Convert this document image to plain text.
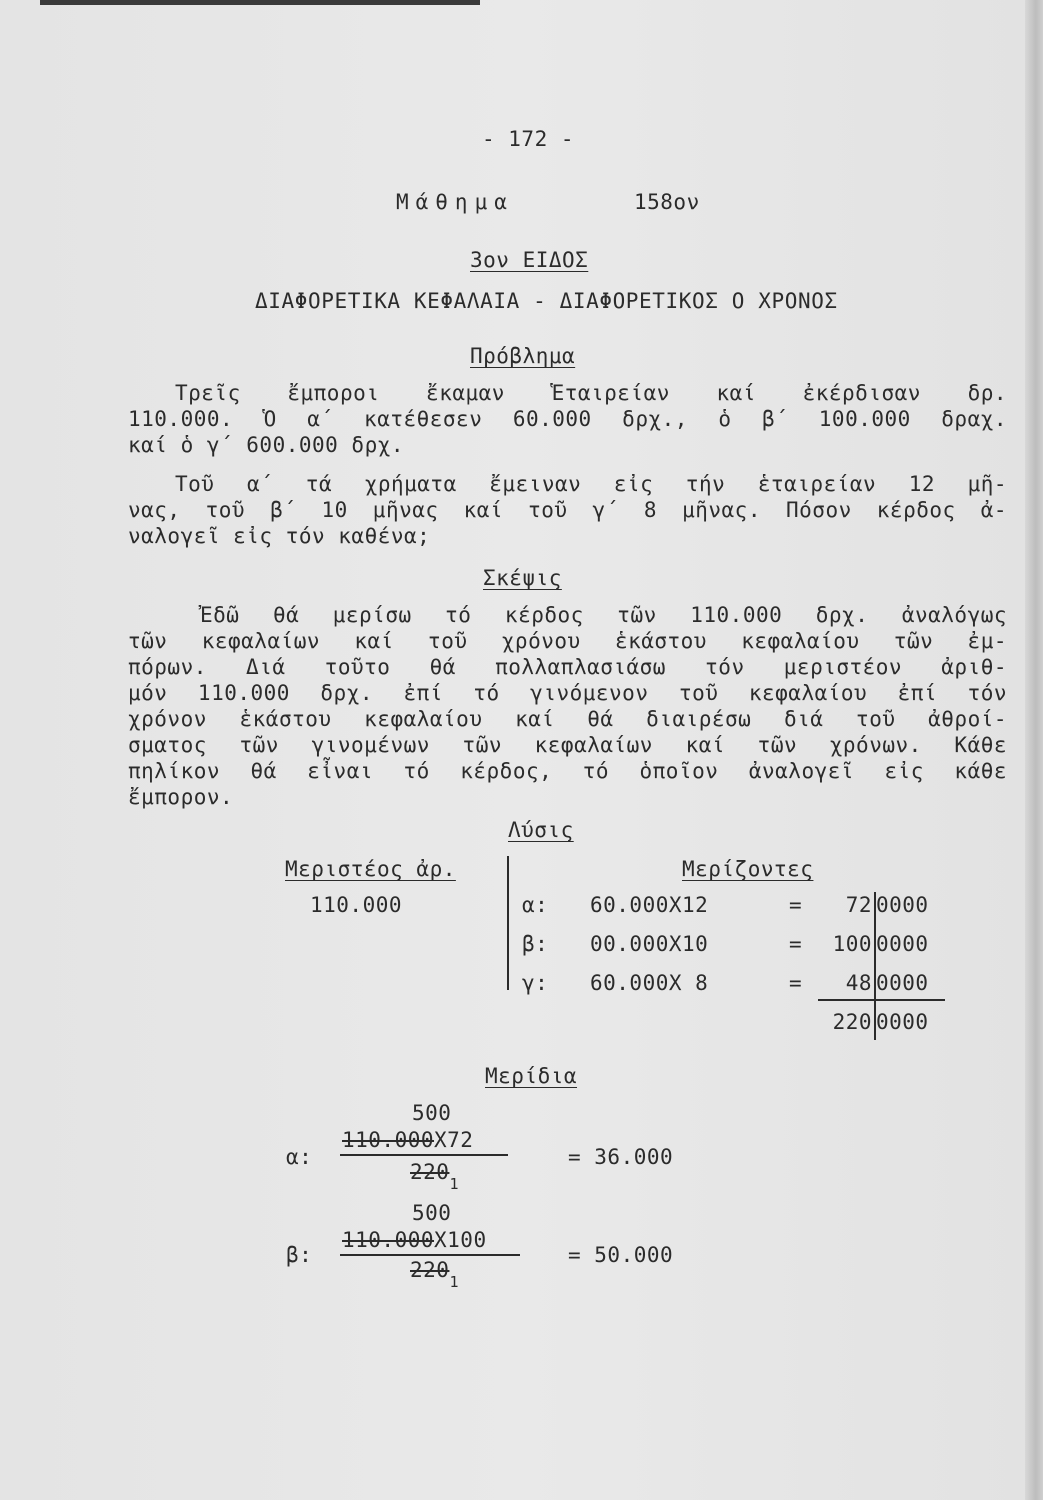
- 172 -
Μάθημα	158ον
3ον ΕΙΔΟΣ
ΔΙΑΦΟΡΕΤΙΚΑ ΚΕΦΑΛΑΙΑ - ΔΙΑΦΟΡΕΤΙΚΟΣ Ο ΧΡΟΝΟΣ
Πρόβλημα
Τρεῖς ἔμποροι ἔκαμαν Ἑταιρείαν καί ἐκέρδισαν δρ.
110.000. Ὁ α΄ κατέθεσεν 60.000 δρχ., ὁ β΄ 100.000 δραχ.
καί ὁ γ΄ 600.000 δρχ.
Τοῦ α΄ τά χρήματα ἔμειναν εἰς τήν ἑταιρείαν 12 μῆ-
νας, τοῦ β΄ 10 μῆνας καί τοῦ γ΄ 8 μῆνας. Πόσον κέρδος ἀ-
ναλογεῖ εἰς τόν καθένα;
Σκέψις
Ἐδῶ θά μερίσω τό κέρδος τῶν 110.000 δρχ. ἀναλόγως
τῶν κεφαλαίων καί τοῦ χρόνου ἑκάστου κεφαλαίου τῶν ἐμ-
πόρων. Διά τοῦτο θά πολλαπλασιάσω τόν μεριστέον ἀριθ-
μόν 110.000 δρχ. ἐπί τό γινόμενον τοῦ κεφαλαίου ἐπί τόν
χρόνον ἑκάστου κεφαλαίου καί θά διαιρέσω διά τοῦ ἀθροί-
σματος τῶν γινομένων τῶν κεφαλαίων καί τῶν χρόνων. Κάθε
πηλίκον θά εἶναι τό κέρδος, τό ὁποῖον ἀναλογεῖ εἰς κάθε
ἔμπορον.
Λύσις
Μεριστέος ἀρ.
110.000
Μερίζοντες
α: 60.000Χ12	=	72 0000
β: 00.000Χ10	=	100 0000
γ: 60.000Χ 8	=	48 0000
220 0000
Μερίδια
500
α:
110.000Χ72
$220_1$
= 36.000
500
β:
110.000Χ100
$220_1$
= 50.000
